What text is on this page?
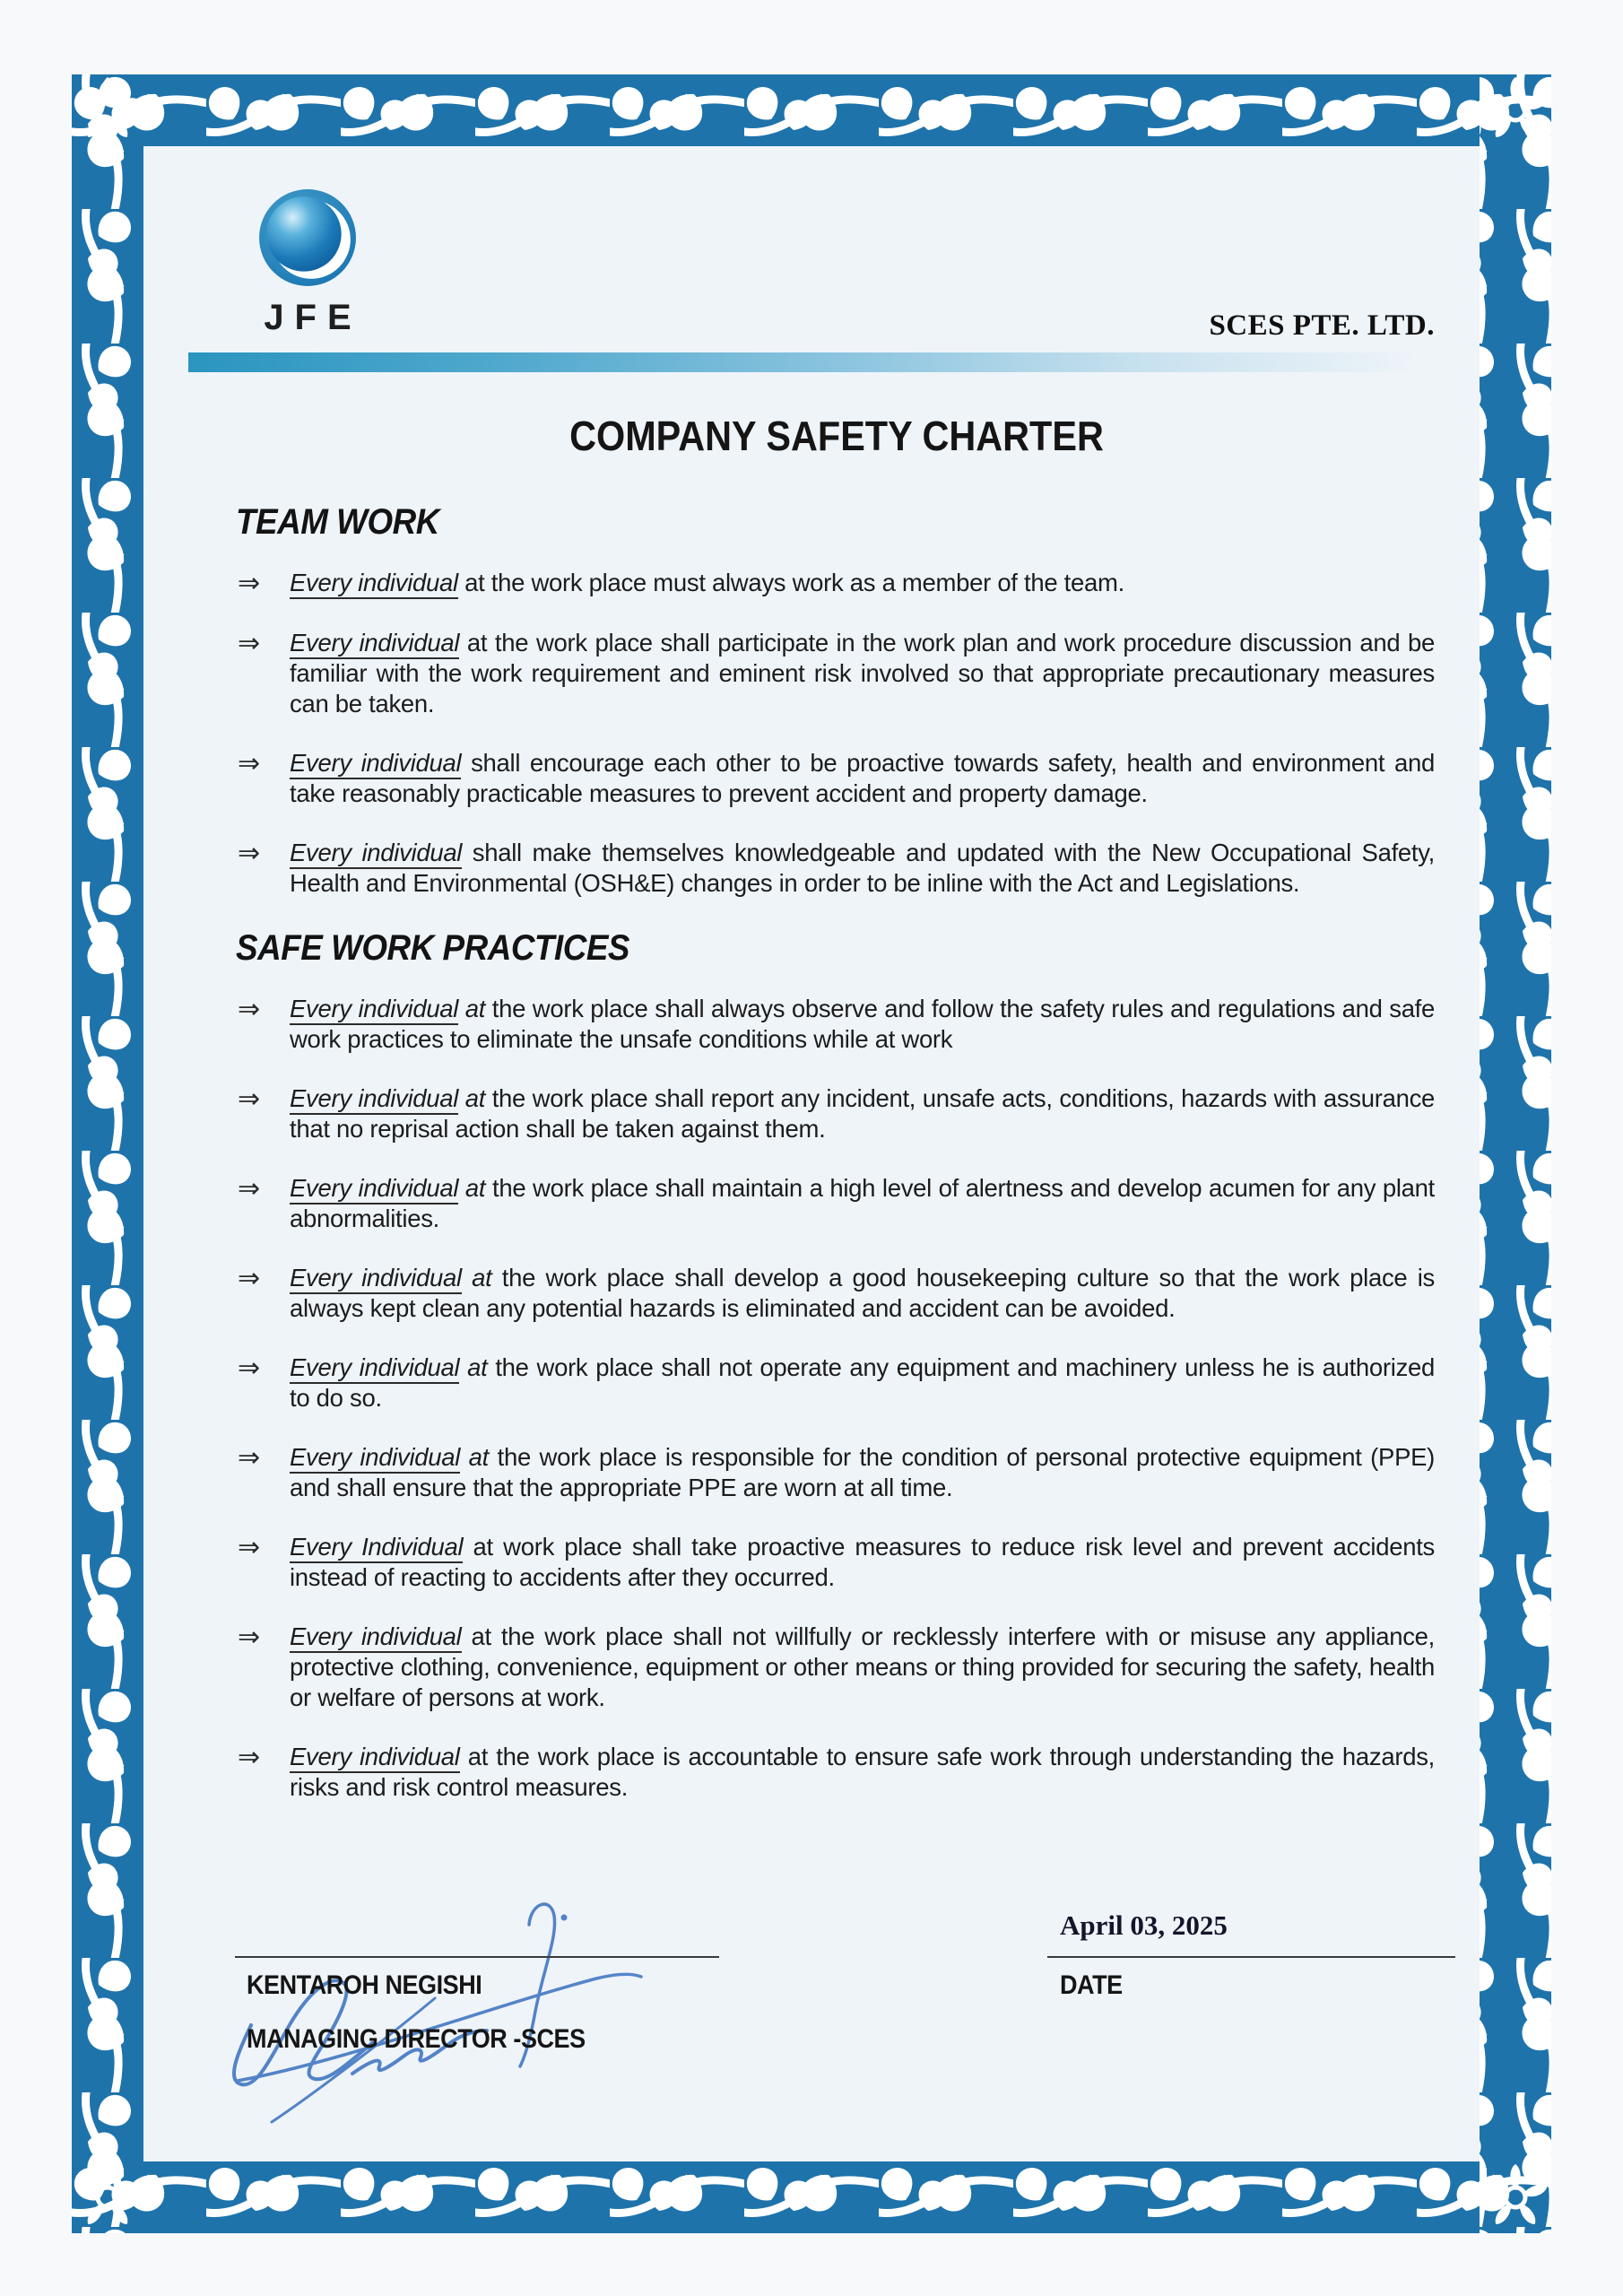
JFE	SCES PTE. LTD.
COMPANY SAFETY CHARTER
TEAM WORK
⇒	Every individual at the work place must always work as a member of the team.

⇒	Every individual at the work place shall participate in the work plan and work procedure discussion and be familiar with the work requirement and eminent risk involved so that appropriate precautionary measures can be taken.

⇒	Every individual shall encourage each other to be proactive towards safety, health and environment and take reasonably practicable measures to prevent accident and property damage.

⇒	Every individual shall make themselves knowledgeable and updated with the New Occupational Safety, Health and Environmental (OSH&E) changes in order to be inline with the Act and Legislations.

SAFE WORK PRACTICES
⇒	Every individual at the work place shall always observe and follow the safety rules and regulations and safe work practices to eliminate the unsafe conditions while at work

⇒	Every individual at the work place shall report any incident, unsafe acts, conditions, hazards with assurance that no reprisal action shall be taken against them.

⇒	Every individual at the work place shall maintain a high level of alertness and develop acumen for any plant abnormalities.

⇒	Every individual at the work place shall develop a good housekeeping culture so that the work place is always kept clean any potential hazards is eliminated and accident can be avoided.

⇒	Every individual at the work place shall not operate any equipment and machinery unless he is authorized to do so.

⇒	Every individual at the work place is responsible for the condition of personal protective equipment (PPE) and shall ensure that the appropriate PPE are worn at all time.

⇒	Every Individual at work place shall take proactive measures to reduce risk level and prevent accidents instead of reacting to accidents after they occurred.

⇒	Every individual at the work place shall not willfully or recklessly interfere with or misuse any appliance, protective clothing, convenience, equipment or other means or thing provided for securing the safety, health or welfare of persons at work.

⇒	Every individual at the work place is accountable to ensure safe work through understanding the hazards, risks and risk control measures.

KENTAROH NEGISHI
MANAGING DIRECTOR -SCES
April 03, 2025
DATE
